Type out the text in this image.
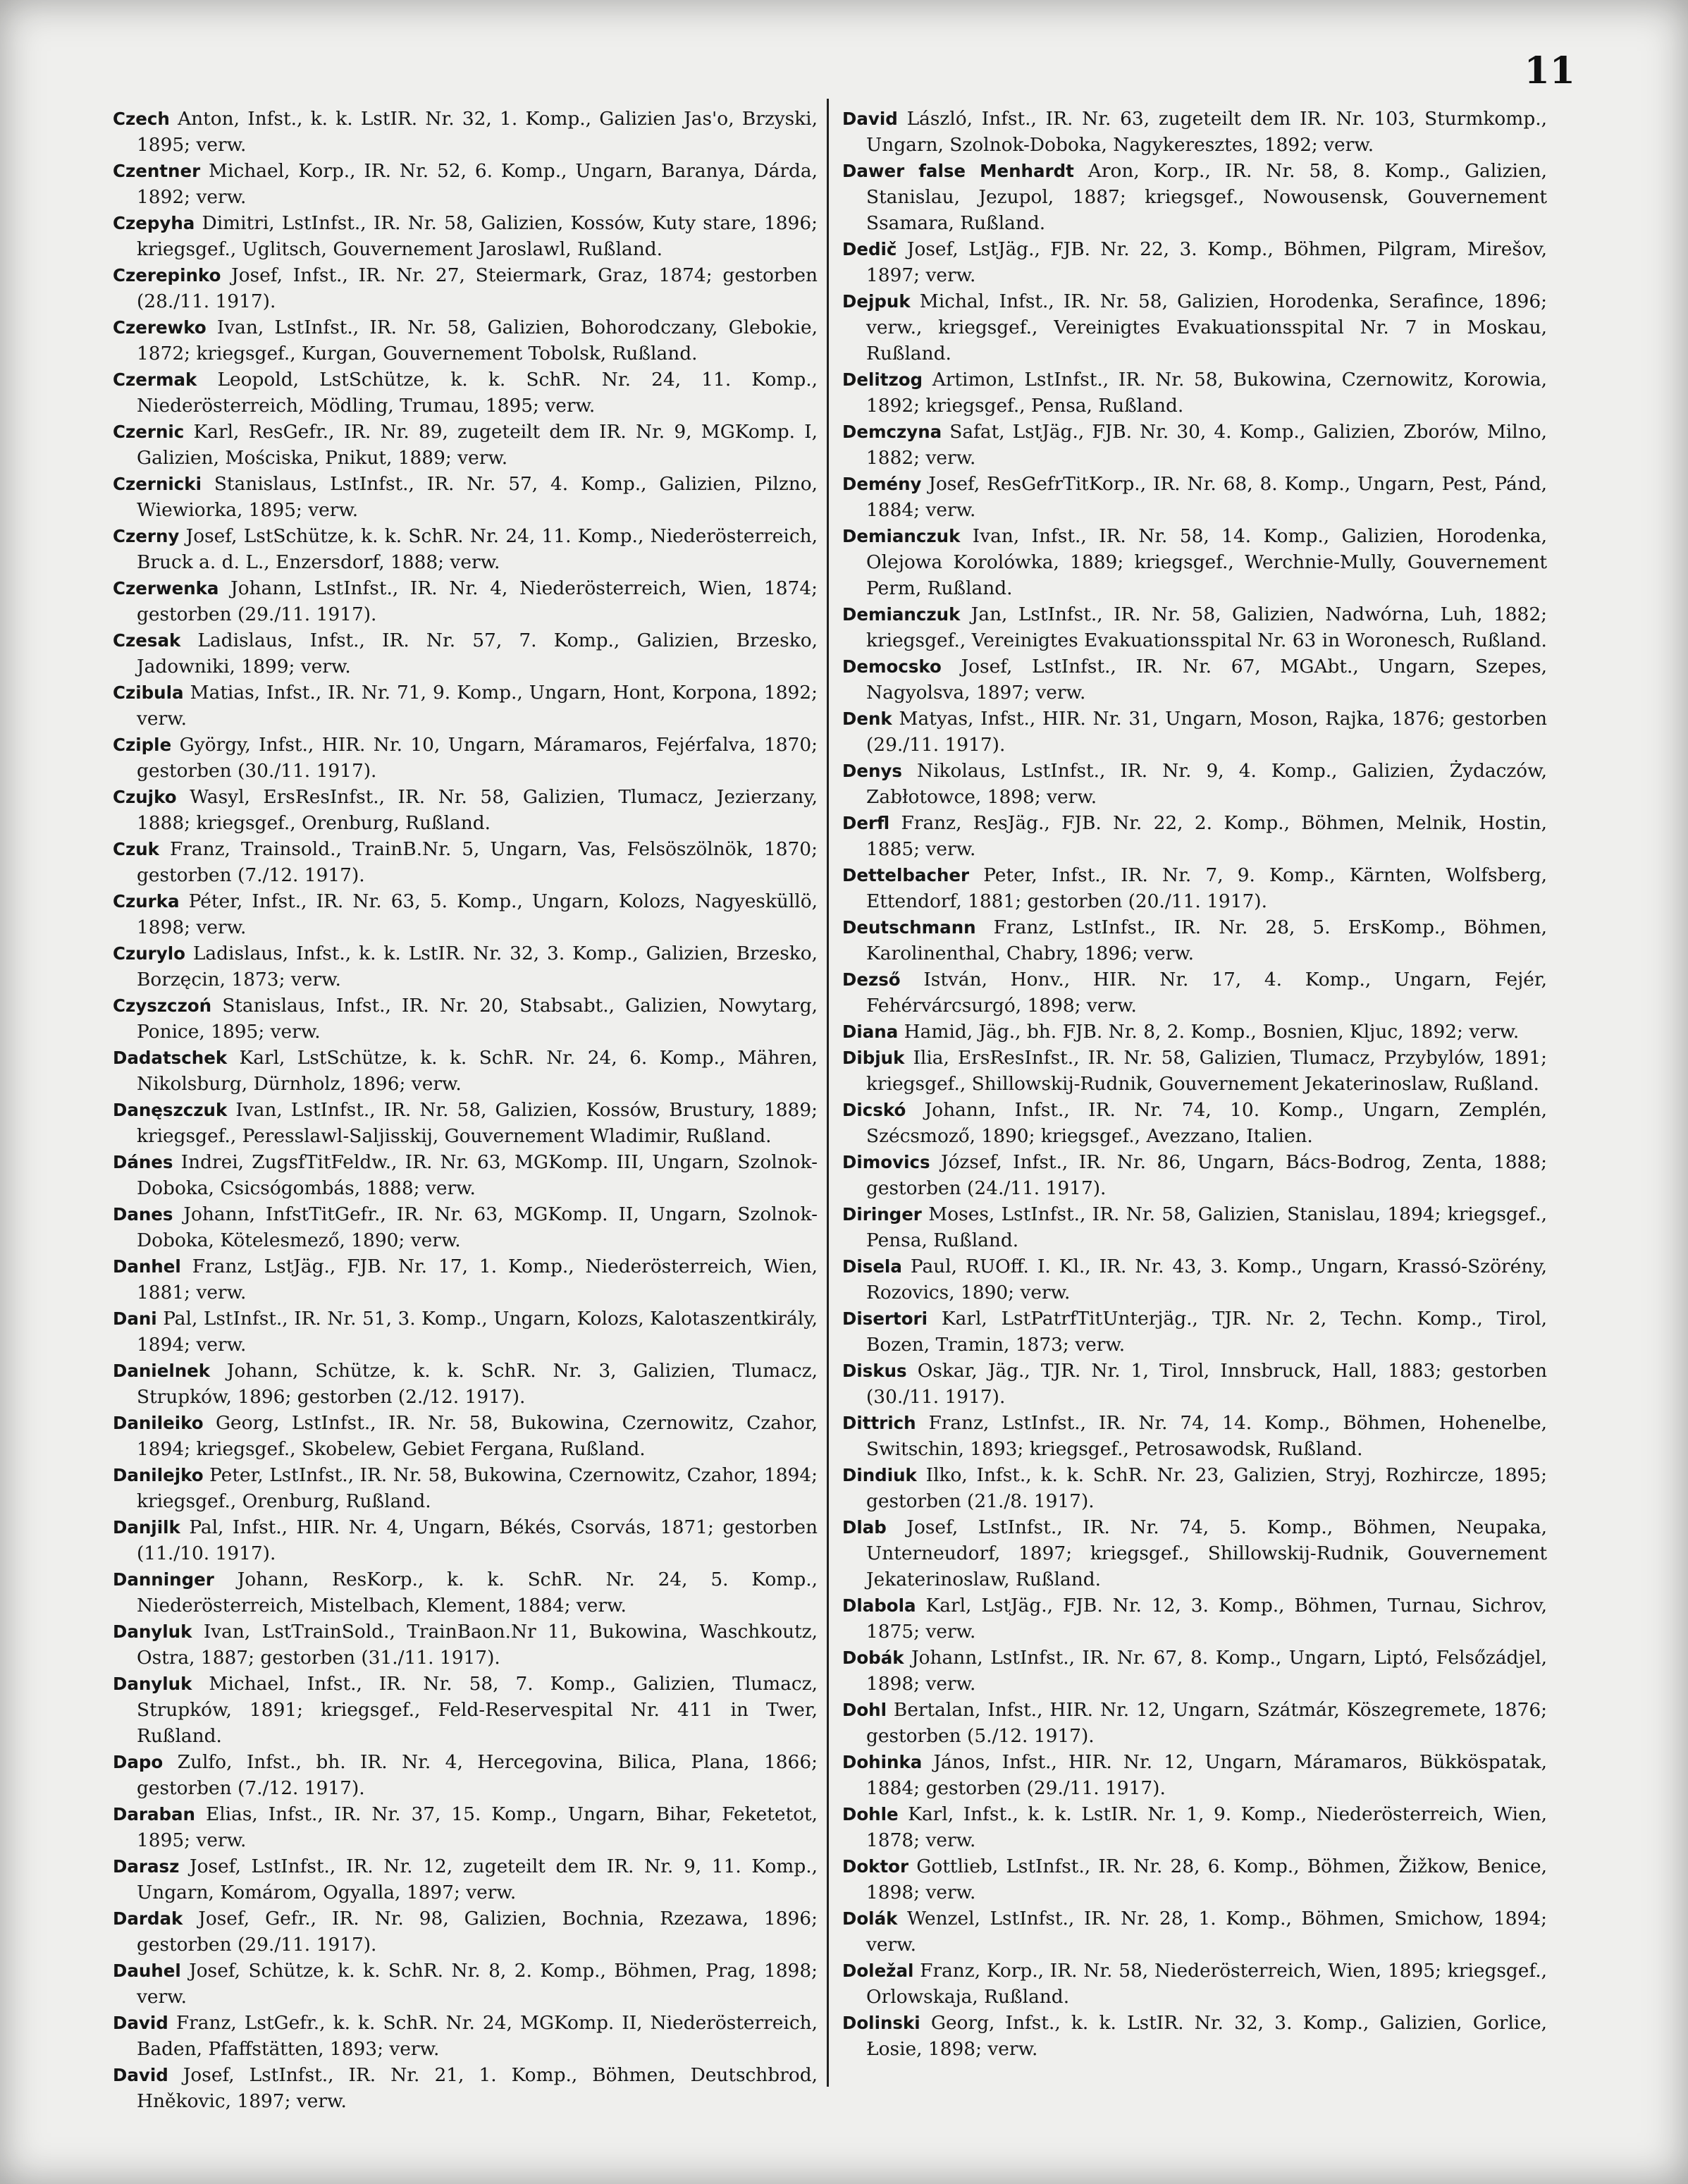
11

Czech Anton, Infst., k. k. LstIR. Nr. 32, 1. Komp., Galizien Jas'o, Brzyski, 1895; verw.

Czentner Michael, Korp., IR. Nr. 52, 6. Komp., Ungarn, Baranya, Dárda, 1892; verw.

Czepyha Dimitri, LstInfst., IR. Nr. 58, Galizien, Kossów, Kuty stare, 1896; kriegsgef., Uglitsch, Gouvernement Jaroslawl, Rußland.

Czerepinko Josef, Infst., IR. Nr. 27, Steiermark, Graz, 1874; gestorben (28./11. 1917).

Czerewko Ivan, LstInfst., IR. Nr. 58, Galizien, Bohorodczany, Glebokie, 1872; kriegsgef., Kurgan, Gouvernement Tobolsk, Rußland.

Czermak Leopold, LstSchütze, k. k. SchR. Nr. 24, 11. Komp., Niederösterreich, Mödling, Trumau, 1895; verw.

Czernic Karl, ResGefr., IR. Nr. 89, zugeteilt dem IR. Nr. 9, MGKomp. I, Galizien, Mościska, Pnikut, 1889; verw.

Czernicki Stanislaus, LstInfst., IR. Nr. 57, 4. Komp., Galizien, Pilzno, Wiewiorka, 1895; verw.

Czerny Josef, LstSchütze, k. k. SchR. Nr. 24, 11. Komp., Niederösterreich, Bruck a. d. L., Enzersdorf, 1888; verw.

Czerwenka Johann, LstInfst., IR. Nr. 4, Niederösterreich, Wien, 1874; gestorben (29./11. 1917).

Czesak Ladislaus, Infst., IR. Nr. 57, 7. Komp., Galizien, Brzesko, Jadowniki, 1899; verw.

Czibula Matias, Infst., IR. Nr. 71, 9. Komp., Ungarn, Hont, Korpona, 1892; verw.

Cziple György, Infst., HIR. Nr. 10, Ungarn, Máramaros, Fejérfalva, 1870; gestorben (30./11. 1917).

Czujko Wasyl, ErsResInfst., IR. Nr. 58, Galizien, Tlumacz, Jezierzany, 1888; kriegsgef., Orenburg, Rußland.

Czuk Franz, Trainsold., TrainB.Nr. 5, Ungarn, Vas, Felsöszölnök, 1870; gestorben (7./12. 1917).

Czurka Péter, Infst., IR. Nr. 63, 5. Komp., Ungarn, Kolozs, Nagyesküllö, 1898; verw.

Czurylo Ladislaus, Infst., k. k. LstIR. Nr. 32, 3. Komp., Galizien, Brzesko, Borzęcin, 1873; verw.

Czyszczoń Stanislaus, Infst., IR. Nr. 20, Stabsabt., Galizien, Nowytarg, Ponice, 1895; verw.

Dadatschek Karl, LstSchütze, k. k. SchR. Nr. 24, 6. Komp., Mähren, Nikolsburg, Dürnholz, 1896; verw.

Danęszczuk Ivan, LstInfst., IR. Nr. 58, Galizien, Kossów, Brustury, 1889; kriegsgef., Peresslawl-Saljisskij, Gouvernement Wladimir, Rußland.

Dánes Indrei, ZugsfTitFeldw., IR. Nr. 63, MGKomp. III, Ungarn, Szolnok-Doboka, Csicsógombás, 1888; verw.

Danes Johann, InfstTitGefr., IR. Nr. 63, MGKomp. II, Ungarn, Szolnok-Doboka, Kötelesmező, 1890; verw.

Danhel Franz, LstJäg., FJB. Nr. 17, 1. Komp., Niederösterreich, Wien, 1881; verw.

Dani Pal, LstInfst., IR. Nr. 51, 3. Komp., Ungarn, Kolozs, Kalotaszentkirály, 1894; verw.

Danielnek Johann, Schütze, k. k. SchR. Nr. 3, Galizien, Tlumacz, Strupków, 1896; gestorben (2./12. 1917).

Danileiko Georg, LstInfst., IR. Nr. 58, Bukowina, Czernowitz, Czahor, 1894; kriegsgef., Skobelew, Gebiet Fergana, Rußland.

Danilejko Peter, LstInfst., IR. Nr. 58, Bukowina, Czernowitz, Czahor, 1894; kriegsgef., Orenburg, Rußland.

Danjilk Pal, Infst., HIR. Nr. 4, Ungarn, Békés, Csorvás, 1871; gestorben (11./10. 1917).

Danninger Johann, ResKorp., k. k. SchR. Nr. 24, 5. Komp., Niederösterreich, Mistelbach, Klement, 1884; verw.

Danyluk Ivan, LstTrainSold., TrainBaon.Nr 11, Bukowina, Waschkoutz, Ostra, 1887; gestorben (31./11. 1917).

Danyluk Michael, Infst., IR. Nr. 58, 7. Komp., Galizien, Tlumacz, Strupków, 1891; kriegsgef., Feld-Reservespital Nr. 411 in Twer, Rußland.

Dapo Zulfo, Infst., bh. IR. Nr. 4, Hercegovina, Bilica, Plana, 1866; gestorben (7./12. 1917).

Daraban Elias, Infst., IR. Nr. 37, 15. Komp., Ungarn, Bihar, Feketetot, 1895; verw.

Darasz Josef, LstInfst., IR. Nr. 12, zugeteilt dem IR. Nr. 9, 11. Komp., Ungarn, Komárom, Ogyalla, 1897; verw.

Dardak Josef, Gefr., IR. Nr. 98, Galizien, Bochnia, Rzezawa, 1896; gestorben (29./11. 1917).

Dauhel Josef, Schütze, k. k. SchR. Nr. 8, 2. Komp., Böhmen, Prag, 1898; verw.

David Franz, LstGefr., k. k. SchR. Nr. 24, MGKomp. II, Niederösterreich, Baden, Pfaffstätten, 1893; verw.

David Josef, LstInfst., IR. Nr. 21, 1. Komp., Böhmen, Deutschbrod, Hněkovic, 1897; verw.

David László, Infst., IR. Nr. 63, zugeteilt dem IR. Nr. 103, Sturmkomp., Ungarn, Szolnok-Doboka, Nagykeresztes, 1892; verw.

Dawer false Menhardt Aron, Korp., IR. Nr. 58, 8. Komp., Galizien, Stanislau, Jezupol, 1887; kriegsgef., Nowousensk, Gouvernement Ssamara, Rußland.

Dedič Josef, LstJäg., FJB. Nr. 22, 3. Komp., Böhmen, Pilgram, Mirešov, 1897; verw.

Dejpuk Michal, Infst., IR. Nr. 58, Galizien, Horodenka, Serafince, 1896; verw., kriegsgef., Vereinigtes Evakuationsspital Nr. 7 in Moskau, Rußland.

Delitzog Artimon, LstInfst., IR. Nr. 58, Bukowina, Czernowitz, Korowia, 1892; kriegsgef., Pensa, Rußland.

Demczyna Safat, LstJäg., FJB. Nr. 30, 4. Komp., Galizien, Zborów, Milno, 1882; verw.

Demény Josef, ResGefrTitKorp., IR. Nr. 68, 8. Komp., Ungarn, Pest, Pánd, 1884; verw.

Demianczuk Ivan, Infst., IR. Nr. 58, 14. Komp., Galizien, Horodenka, Olejowa Korolówka, 1889; kriegsgef., Werchnie-Mully, Gouvernement Perm, Rußland.

Demianczuk Jan, LstInfst., IR. Nr. 58, Galizien, Nadwórna, Luh, 1882; kriegsgef., Vereinigtes Evakuationsspital Nr. 63 in Woronesch, Rußland.

Democsko Josef, LstInfst., IR. Nr. 67, MGAbt., Ungarn, Szepes, Nagyolsva, 1897; verw.

Denk Matyas, Infst., HIR. Nr. 31, Ungarn, Moson, Rajka, 1876; gestorben (29./11. 1917).

Denys Nikolaus, LstInfst., IR. Nr. 9, 4. Komp., Galizien, Żydaczów, Zabłotowce, 1898; verw.

Derfl Franz, ResJäg., FJB. Nr. 22, 2. Komp., Böhmen, Melnik, Hostin, 1885; verw.

Dettelbacher Peter, Infst., IR. Nr. 7, 9. Komp., Kärnten, Wolfsberg, Ettendorf, 1881; gestorben (20./11. 1917).

Deutschmann Franz, LstInfst., IR. Nr. 28, 5. ErsKomp., Böhmen, Karolinenthal, Chabry, 1896; verw.

Dezső István, Honv., HIR. Nr. 17, 4. Komp., Ungarn, Fejér, Fehérvárcsurgó, 1898; verw.

Diana Hamid, Jäg., bh. FJB. Nr. 8, 2. Komp., Bosnien, Kljuc, 1892; verw.

Dibjuk Ilia, ErsResInfst., IR. Nr. 58, Galizien, Tlumacz, Przybylów, 1891; kriegsgef., Shillowskij-Rudnik, Gouvernement Jekaterinoslaw, Rußland.

Dicskó Johann, Infst., IR. Nr. 74, 10. Komp., Ungarn, Zemplén, Szécsmoző, 1890; kriegsgef., Avezzano, Italien.

Dimovics József, Infst., IR. Nr. 86, Ungarn, Bács-Bodrog, Zenta, 1888; gestorben (24./11. 1917).

Diringer Moses, LstInfst., IR. Nr. 58, Galizien, Stanislau, 1894; kriegsgef., Pensa, Rußland.

Disela Paul, RUOff. I. Kl., IR. Nr. 43, 3. Komp., Ungarn, Krassó-Szörény, Rozovics, 1890; verw.

Disertori Karl, LstPatrfTitUnterjäg., TJR. Nr. 2, Techn. Komp., Tirol, Bozen, Tramin, 1873; verw.

Diskus Oskar, Jäg., TJR. Nr. 1, Tirol, Innsbruck, Hall, 1883; gestorben (30./11. 1917).

Dittrich Franz, LstInfst., IR. Nr. 74, 14. Komp., Böhmen, Hohenelbe, Switschin, 1893; kriegsgef., Petrosawodsk, Rußland.

Dindiuk Ilko, Infst., k. k. SchR. Nr. 23, Galizien, Stryj, Rozhircze, 1895; gestorben (21./8. 1917).

Dlab Josef, LstInfst., IR. Nr. 74, 5. Komp., Böhmen, Neupaka, Unterneudorf, 1897; kriegsgef., Shillowskij-Rudnik, Gouvernement Jekaterinoslaw, Rußland.

Dlabola Karl, LstJäg., FJB. Nr. 12, 3. Komp., Böhmen, Turnau, Sichrov, 1875; verw.

Dobák Johann, LstInfst., IR. Nr. 67, 8. Komp., Ungarn, Liptó, Felsőzádjel, 1898; verw.

Dohl Bertalan, Infst., HIR. Nr. 12, Ungarn, Szátmár, Köszegremete, 1876; gestorben (5./12. 1917).

Dohinka János, Infst., HIR. Nr. 12, Ungarn, Máramaros, Bükköspatak, 1884; gestorben (29./11. 1917).

Dohle Karl, Infst., k. k. LstIR. Nr. 1, 9. Komp., Niederösterreich, Wien, 1878; verw.

Doktor Gottlieb, LstInfst., IR. Nr. 28, 6. Komp., Böhmen, Žižkow, Benice, 1898; verw.

Dolák Wenzel, LstInfst., IR. Nr. 28, 1. Komp., Böhmen, Smichow, 1894; verw.

Doležal Franz, Korp., IR. Nr. 58, Niederösterreich, Wien, 1895; kriegsgef., Orlowskaja, Rußland.

Dolinski Georg, Infst., k. k. LstIR. Nr. 32, 3. Komp., Galizien, Gorlice, Łosie, 1898; verw.
